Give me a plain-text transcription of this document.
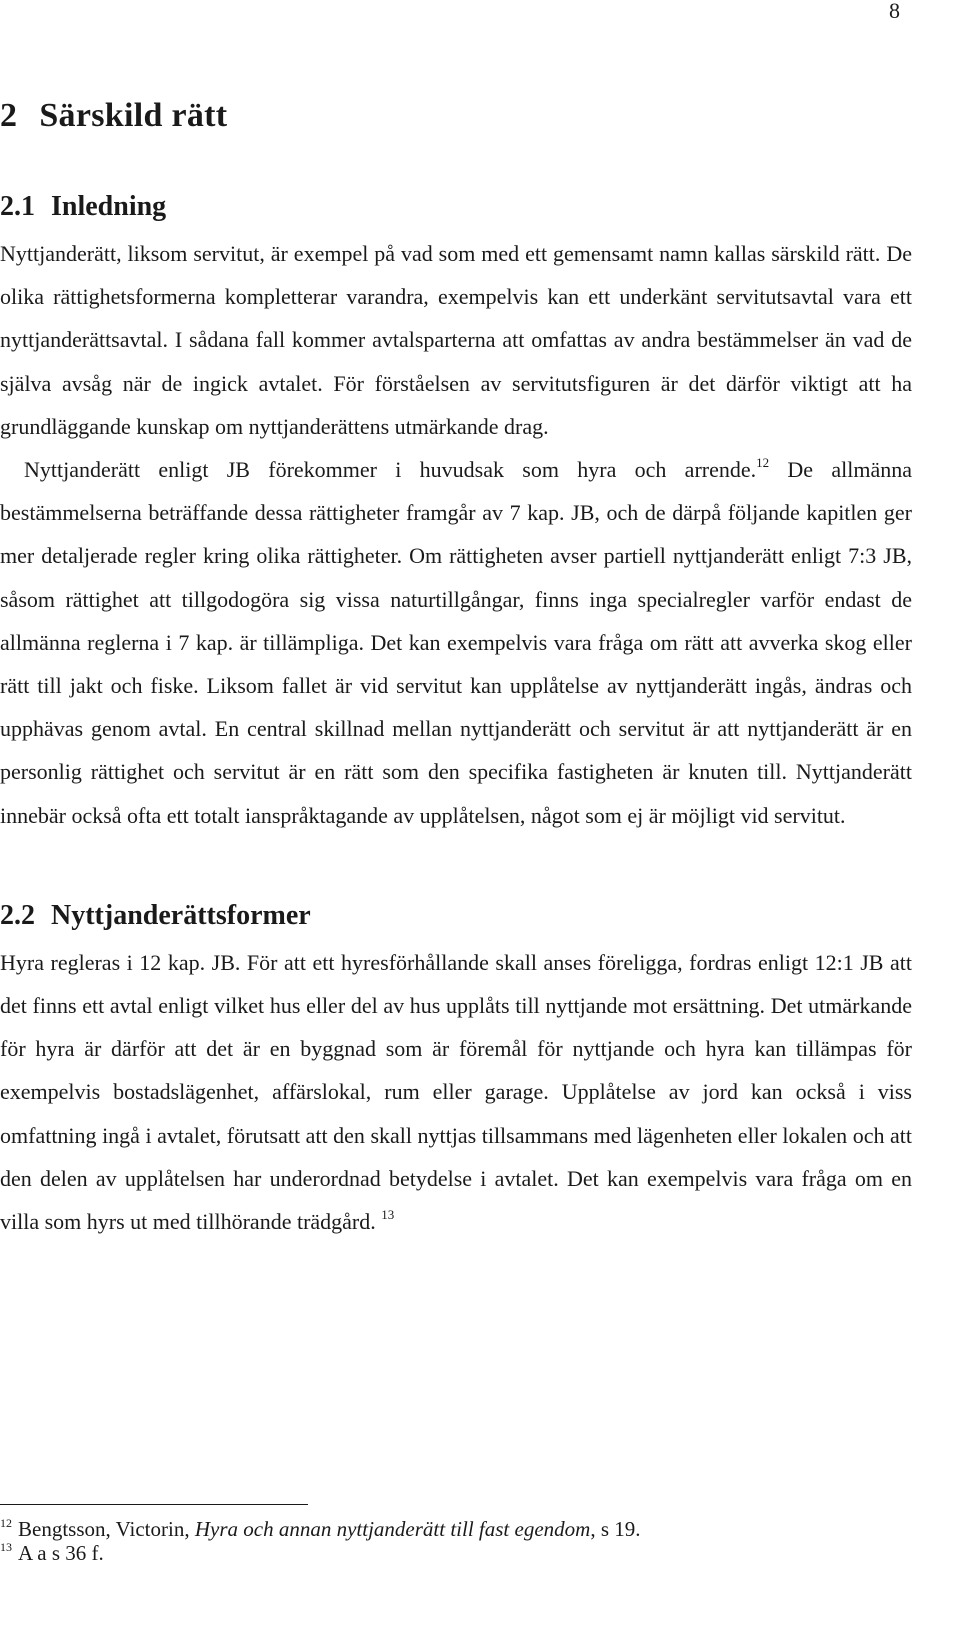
8
2 Särskild rätt
2.1 Inledning

Nyttjanderätt, liksom servitut, är exempel på vad som med ett gemensamt namn kallas särskild rätt. De olika rättighetsformerna kompletterar varandra, exempelvis kan ett underkänt servitutsavtal vara ett nyttjanderättsavtal. I sådana fall kommer avtalsparterna att omfattas av andra bestämmelser än vad de själva avsåg när de ingick avtalet. För förståelsen av servitutsfiguren är det därför viktigt att ha grundläggande kunskap om nyttjanderättens utmärkande drag.

Nyttjanderätt enligt JB förekommer i huvudsak som hyra och arrende.$^{12}$ De allmänna bestämmelserna beträffande dessa rättigheter framgår av 7 kap. JB, och de därpå följande kapitlen ger mer detaljerade regler kring olika rättigheter. Om rättigheten avser partiell nyttjanderätt enligt 7:3 JB, såsom rättighet att tillgodogöra sig vissa naturtillgångar, finns inga specialregler varför endast de allmänna reglerna i 7 kap. är tillämpliga. Det kan exempelvis vara fråga om rätt att avverka skog eller rätt till jakt och fiske. Liksom fallet är vid servitut kan upplåtelse av nyttjanderätt ingås, ändras och upphävas genom avtal. En central skillnad mellan nyttjanderätt och servitut är att nyttjanderätt är en personlig rättighet och servitut är en rätt som den specifika fastigheten är knuten till. Nyttjanderätt innebär också ofta ett totalt ianspråktagande av upplåtelsen, något som ej är möjligt vid servitut.

2.2 Nyttjanderättsformer

Hyra regleras i 12 kap. JB. För att ett hyresförhållande skall anses föreligga, fordras enligt 12:1 JB att det finns ett avtal enligt vilket hus eller del av hus upplåts till nyttjande mot ersättning. Det utmärkande för hyra är därför att det är en byggnad som är föremål för nyttjande och hyra kan tillämpas för exempelvis bostadslägenhet, affärslokal, rum eller garage. Upplåtelse av jord kan också i viss omfattning ingå i avtalet, förutsatt att den skall nyttjas tillsammans med lägenheten eller lokalen och att den delen av upplåtelsen har underordnad betydelse i avtalet. Det kan exempelvis vara fråga om en villa som hyrs ut med tillhörande trädgård. $^{13}$

$^{12}$ Bengtsson, Victorin, Hyra och annan nyttjanderätt till fast egendom, s 19.

$^{13}$ A a s 36 f.
